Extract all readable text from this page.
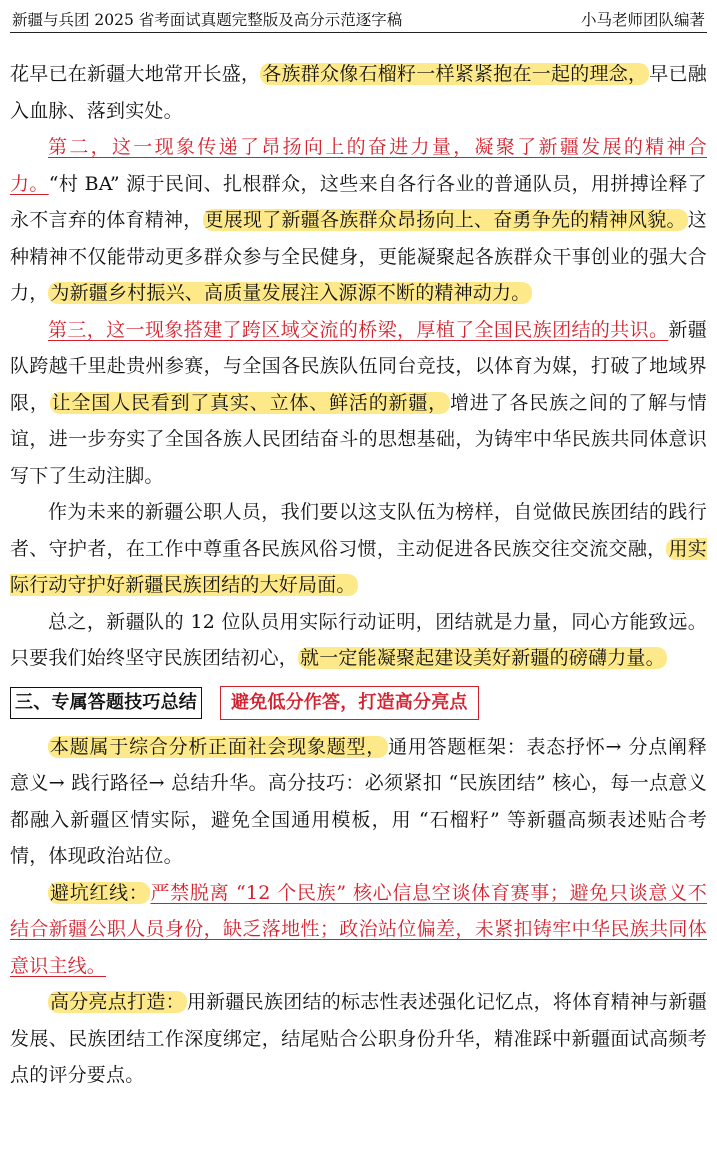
新疆与兵团 2025 省考面试真题完整版及高分示范逐字稿	小马老师团队编著

花早已在新疆大地常开长盛， 各族群众像石榴籽一样紧紧抱在一起的理念， 早已融入血脉、落到实处。

第二，这一现象传递了昂扬向上的奋进力量，凝聚了新疆发展的精神合力。“村 BA” 源于民间、扎根群众，这些来自各行各业的普通队员，用拼搏诠释了永不言弃的体育精神， 更展现了新疆各族群众昂扬向上、奋勇争先的精神风貌。 这种精神不仅能带动更多群众参与全民健身，更能凝聚起各族群众干事创业的强大合力， 为新疆乡村振兴、高质量发展注入源源不断的精神动力。

第三，这一现象搭建了跨区域交流的桥梁，厚植了全国民族团结的共识。新疆队跨越千里赴贵州参赛，与全国各民族队伍同台竞技，以体育为媒，打破了地域界限， 让全国人民看到了真实、立体、鲜活的新疆， 增进了各民族之间的了解与情谊，进一步夯实了全国各族人民团结奋斗的思想基础，为铸牢中华民族共同体意识写下了生动注脚。

作为未来的新疆公职人员，我们要以这支队伍为榜样，自觉做民族团结的践行者、守护者，在工作中尊重各民族风俗习惯，主动促进各民族交往交流交融， 用实际行动守护好新疆民族团结的大好局面。

总之，新疆队的 12 位队员用实际行动证明，团结就是力量，同心方能致远。只要我们始终坚守民族团结初心， 就一定能凝聚起建设美好新疆的磅礴力量。

三、专属答题技巧总结	避免低分作答，打造高分亮点

本题属于综合分析正面社会现象题型， 通用答题框架：表态抒怀→ 分点阐释意义→ 践行路径→ 总结升华。高分技巧：必须紧扣 “民族团结” 核心，每一点意义都融入新疆区情实际，避免全国通用模板，用 “石榴籽” 等新疆高频表述贴合考情，体现政治站位。

避坑红线： 严禁脱离 “12 个民族” 核心信息空谈体育赛事；避免只谈意义不结合新疆公职人员身份，缺乏落地性；政治站位偏差，未紧扣铸牢中华民族共同体意识主线。

高分亮点打造： 用新疆民族团结的标志性表述强化记忆点，将体育精神与新疆发展、民族团结工作深度绑定，结尾贴合公职身份升华，精准踩中新疆面试高频考点的评分要点。
